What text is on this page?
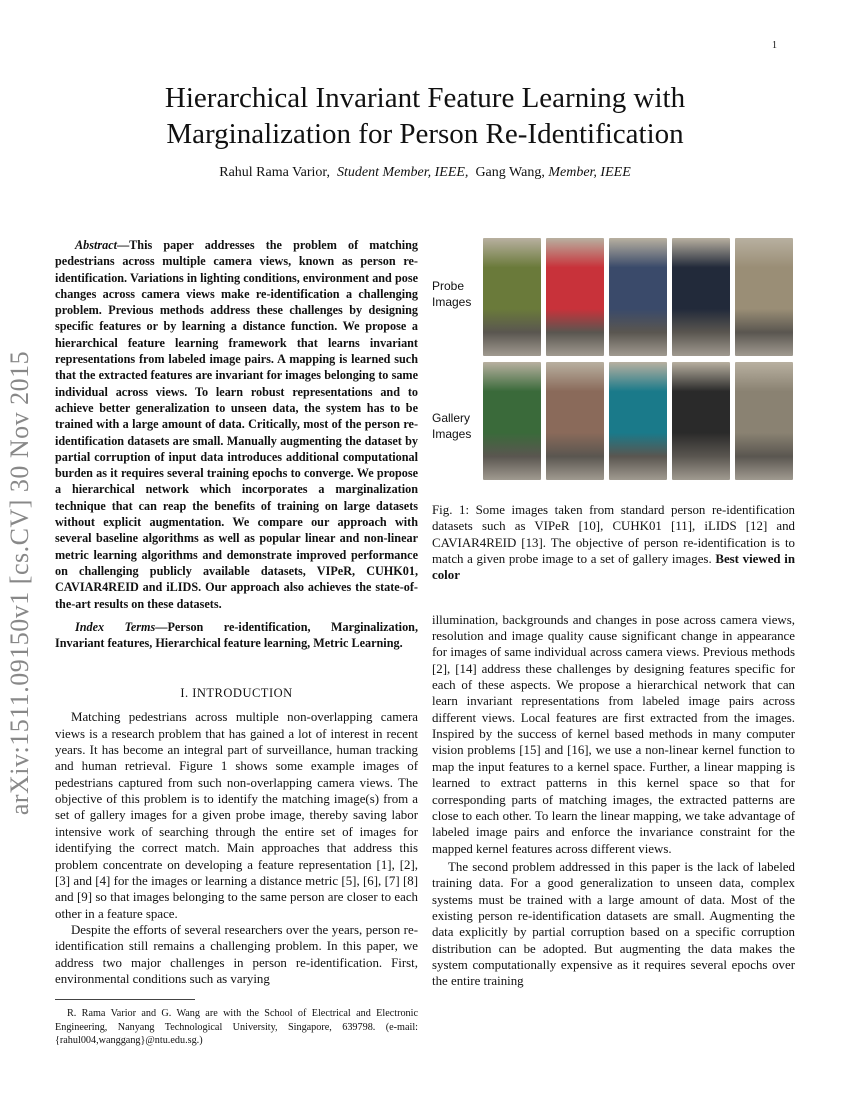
1
arXiv:1511.09150v1 [cs.CV] 30 Nov 2015
Hierarchical Invariant Feature Learning with
Marginalization for Person Re-Identification
Rahul Rama Varior, Student Member, IEEE, Gang Wang, Member, IEEE
Abstract—This paper addresses the problem of matching pedestrians across multiple camera views, known as person re-identification. Variations in lighting conditions, environment and pose changes across camera views make re-identification a challenging problem. Previous methods address these challenges by designing specific features or by learning a distance function. We propose a hierarchical feature learning framework that learns invariant representations from labeled image pairs. A mapping is learned such that the extracted features are invariant for images belonging to same individual across views. To learn robust representations and to achieve better generalization to unseen data, the system has to be trained with a large amount of data. Critically, most of the person re-identification datasets are small. Manually augmenting the dataset by partial corruption of input data introduces additional computational burden as it requires several training epochs to converge. We propose a hierarchical network which incorporates a marginalization technique that can reap the benefits of training on large datasets without explicit augmentation. We compare our approach with several baseline algorithms as well as popular linear and non-linear metric learning algorithms and demonstrate improved performance on challenging publicly available datasets, VIPeR, CUHK01, CAVIAR4REID and iLIDS. Our approach also achieves the state-of-the-art results on these datasets.
Index Terms—Person re-identification, Marginalization, Invariant features, Hierarchical feature learning, Metric Learning.
I. INTRODUCTION

Matching pedestrians across multiple non-overlapping camera views is a research problem that has gained a lot of interest in recent years. It has become an integral part of surveillance, human tracking and human retrieval. Figure 1 shows some example images of pedestrians captured from such non-overlapping camera views. The objective of this problem is to identify the matching image(s) from a set of gallery images for a given probe image, thereby saving labor intensive work of searching through the entire set of images for identifying the correct match. Main approaches that address this problem concentrate on developing a feature representation [1], [2], [3] and [4] for the images or learning a distance metric [5], [6], [7] [8] and [9] so that images belonging to the same person are closer to each other in a feature space.

Despite the efforts of several researchers over the years, person re-identification still remains a challenging problem. In this paper, we address two major challenges in person re-identification. First, environmental conditions such as varying

R. Rama Varior and G. Wang are with the School of Electrical and Electronic Engineering, Nanyang Technological University, Singapore, 639798. (e-mail: {rahul004,wanggang}@ntu.edu.sg.)
Probe Images
Gallery Images
Fig. 1: Some images taken from standard person re-identification datasets such as VIPeR [10], CUHK01 [11], iLIDS [12] and CAVIAR4REID [13]. The objective of person re-identification is to match a given probe image to a set of gallery images. Best viewed in color

illumination, backgrounds and changes in pose across camera views, resolution and image quality cause significant change in appearance for images of same individual across camera views. Previous methods [2], [14] address these challenges by designing features specific for each of these aspects. We propose a hierarchical network that can learn invariant representations from labeled image pairs across different views. Local features are first extracted from the images. Inspired by the success of kernel based methods in many computer vision problems [15] and [16], we use a non-linear kernel function to map the input features to a kernel space. Further, a linear mapping is learned to extract patterns in this kernel space so that for corresponding parts of matching images, the extracted patterns are close to each other. To learn the linear mapping, we take advantage of labeled image pairs and enforce the invariance constraint for the mapped kernel features across different views.

The second problem addressed in this paper is the lack of labeled training data. For a good generalization to unseen data, complex systems must be trained with a large amount of data. Most of the existing person re-identification datasets are small. Augmenting the data explicitly by partial corruption based on a specific corruption distribution can be adopted. But augmenting the data makes the system computationally expensive as it requires several epochs over the entire training
